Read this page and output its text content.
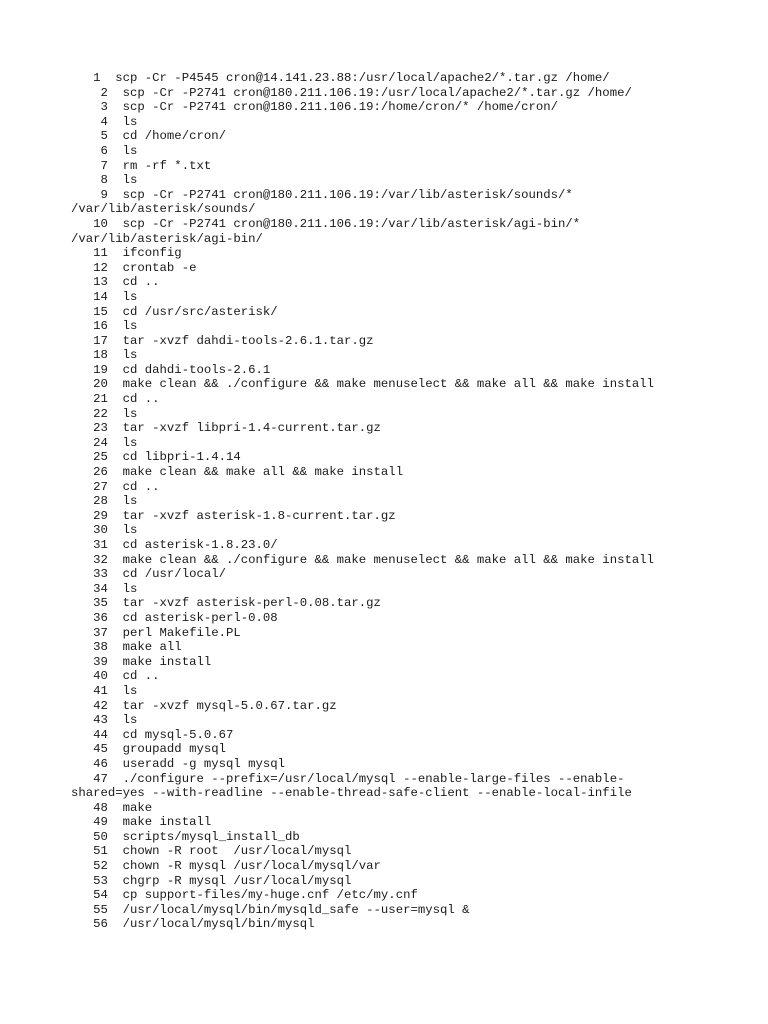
1  scp -Cr -P4545 cron@14.141.23.88:/usr/local/apache2/*.tar.gz /home/
2  scp -Cr -P2741 cron@180.211.106.19:/usr/local/apache2/*.tar.gz /home/
3  scp -Cr -P2741 cron@180.211.106.19:/home/cron/* /home/cron/
4  ls
5  cd /home/cron/
6  ls
7  rm -rf *.txt
8  ls
9  scp -Cr -P2741 cron@180.211.106.19:/var/lib/asterisk/sounds/*
/var/lib/asterisk/sounds/
10  scp -Cr -P2741 cron@180.211.106.19:/var/lib/asterisk/agi-bin/*
/var/lib/asterisk/agi-bin/
11  ifconfig
12  crontab -e
13  cd ..
14  ls
15  cd /usr/src/asterisk/
16  ls
17  tar -xvzf dahdi-tools-2.6.1.tar.gz
18  ls
19  cd dahdi-tools-2.6.1
20  make clean && ./configure && make menuselect && make all && make install
21  cd ..
22  ls
23  tar -xvzf libpri-1.4-current.tar.gz
24  ls
25  cd libpri-1.4.14
26  make clean && make all && make install
27  cd ..
28  ls
29  tar -xvzf asterisk-1.8-current.tar.gz
30  ls
31  cd asterisk-1.8.23.0/
32  make clean && ./configure && make menuselect && make all && make install
33  cd /usr/local/
34  ls
35  tar -xvzf asterisk-perl-0.08.tar.gz
36  cd asterisk-perl-0.08
37  perl Makefile.PL
38  make all
39  make install
40  cd ..
41  ls
42  tar -xvzf mysql-5.0.67.tar.gz
43  ls
44  cd mysql-5.0.67
45  groupadd mysql
46  useradd -g mysql mysql
47  ./configure --prefix=/usr/local/mysql --enable-large-files --enable-
shared=yes --with-readline --enable-thread-safe-client --enable-local-infile
48  make
49  make install
50  scripts/mysql_install_db
51  chown -R root  /usr/local/mysql
52  chown -R mysql /usr/local/mysql/var
53  chgrp -R mysql /usr/local/mysql
54  cp support-files/my-huge.cnf /etc/my.cnf
55  /usr/local/mysql/bin/mysqld_safe --user=mysql &
56  /usr/local/mysql/bin/mysql
